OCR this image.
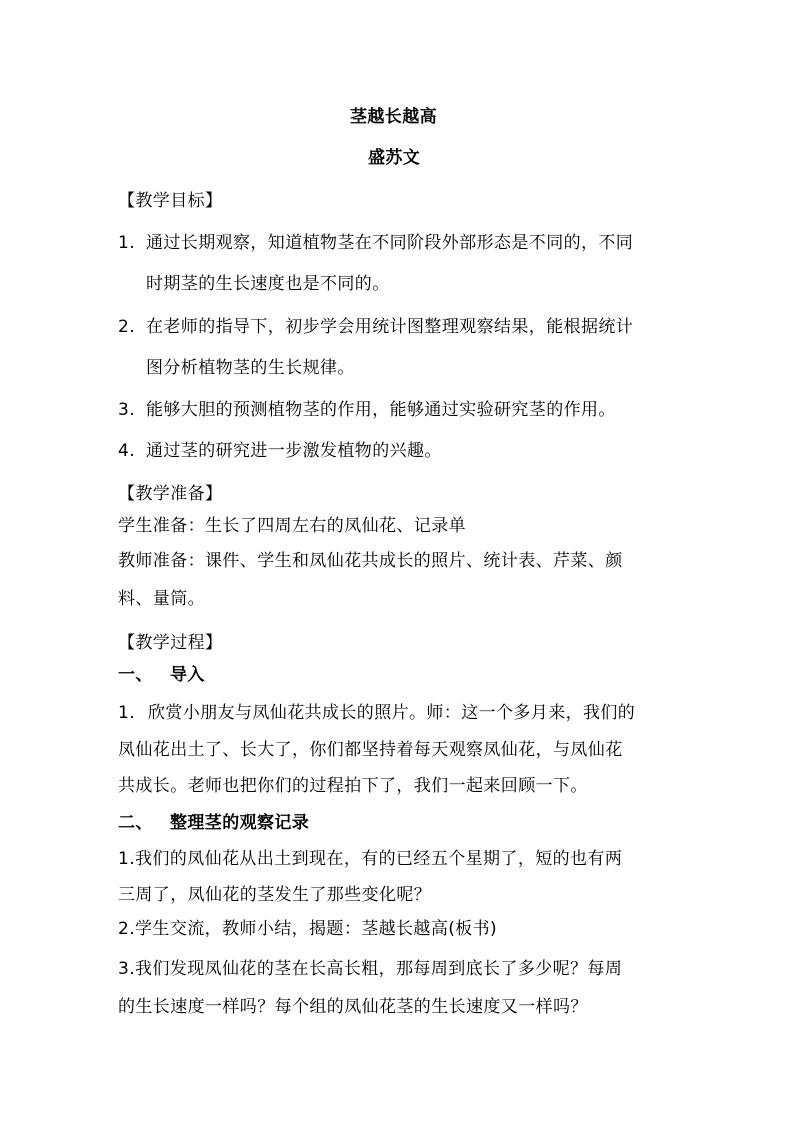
茎越长越高
盛苏文
【教学目标】
1. 通过长期观察，知道植物茎在不同阶段外部形态是不同的，不同
时期茎的生长速度也是不同的。
2. 在老师的指导下，初步学会用统计图整理观察结果，能根据统计
图分析植物茎的生长规律。
3. 能够大胆的预测植物茎的作用，能够通过实验研究茎的作用。
4. 通过茎的研究进一步激发植物的兴趣。
【教学准备】
学生准备：生长了四周左右的凤仙花、记录单
教师准备：课件、学生和凤仙花共成长的照片、统计表、芹菜、颜
料、量筒。
【教学过程】
一、 导入
1. 欣赏小朋友与凤仙花共成长的照片。师：这一个多月来，我们的
凤仙花出土了、长大了，你们都坚持着每天观察凤仙花，与凤仙花
共成长。老师也把你们的过程拍下了，我们一起来回顾一下。
二、 整理茎的观察记录
1.我们的凤仙花从出土到现在，有的已经五个星期了，短的也有两
三周了，凤仙花的茎发生了那些变化呢？
2.学生交流，教师小结，揭题：茎越长越高(板书)
3.我们发现凤仙花的茎在长高长粗，那每周到底长了多少呢？每周
的生长速度一样吗？每个组的凤仙花茎的生长速度又一样吗？
